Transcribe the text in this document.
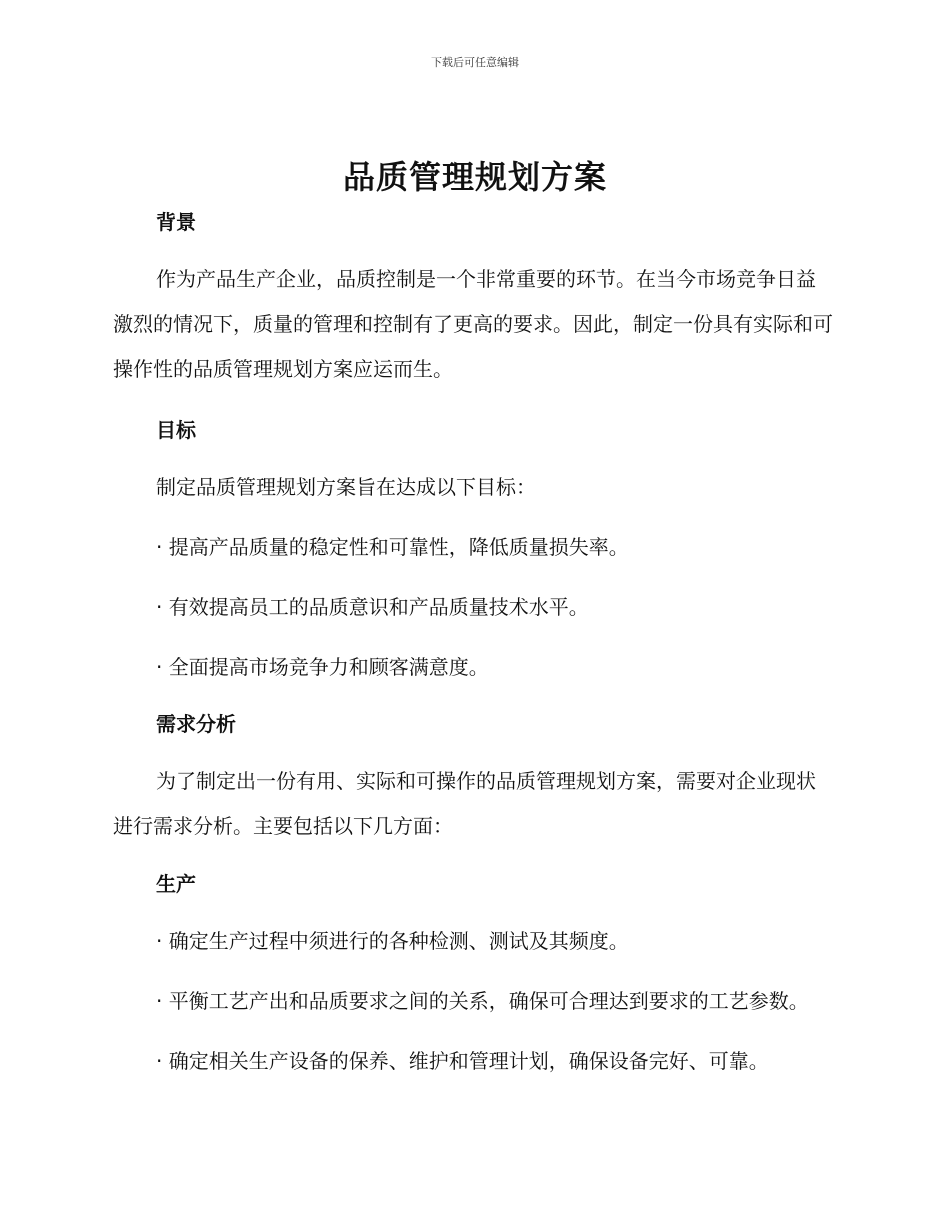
下载后可任意编辑
品质管理规划方案
背景

作为产品生产企业，品质控制是一个非常重要的环节。在当今市场竞争日益激烈的情况下，质量的管理和控制有了更高的要求。因此，制定一份具有实际和可操作性的品质管理规划方案应运而生。

目标

制定品质管理规划方案旨在达成以下目标：

· 提高产品质量的稳定性和可靠性，降低质量损失率。

· 有效提高员工的品质意识和产品质量技术水平。

· 全面提高市场竞争力和顾客满意度。

需求分析

为了制定出一份有用、实际和可操作的品质管理规划方案，需要对企业现状进行需求分析。主要包括以下几方面：

生产

· 确定生产过程中须进行的各种检测、测试及其频度。

· 平衡工艺产出和品质要求之间的关系，确保可合理达到要求的工艺参数。

· 确定相关生产设备的保养、维护和管理计划，确保设备完好、可靠。
